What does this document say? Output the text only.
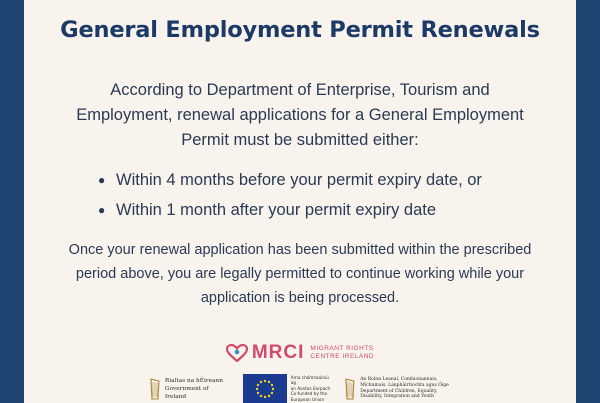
General Employment Permit Renewals
According to Department of Enterprise, Tourism and Employment, renewal applications for a General Employment Permit must be submitted either:
● Within 4 months before your permit expiry date, or
● Within 1 month after your permit expiry date
Once your renewal application has been submitted within the prescribed period above, you are legally permitted to continue working while your application is being processed.
MRCI MIGRANT RIGHTS
CENTRE IRELAND
Rialtas na hÉireann
Government of Ireland
Arna chómhaoiniú ag
an Aontas Eorpach
Co-funded by the
European Union
An Roinn Leanaí, Comhionannais,
Míchumais, Lánpháirtíochta agus Óige
Department of Children, Equality,
Disability, Integration and Youth
